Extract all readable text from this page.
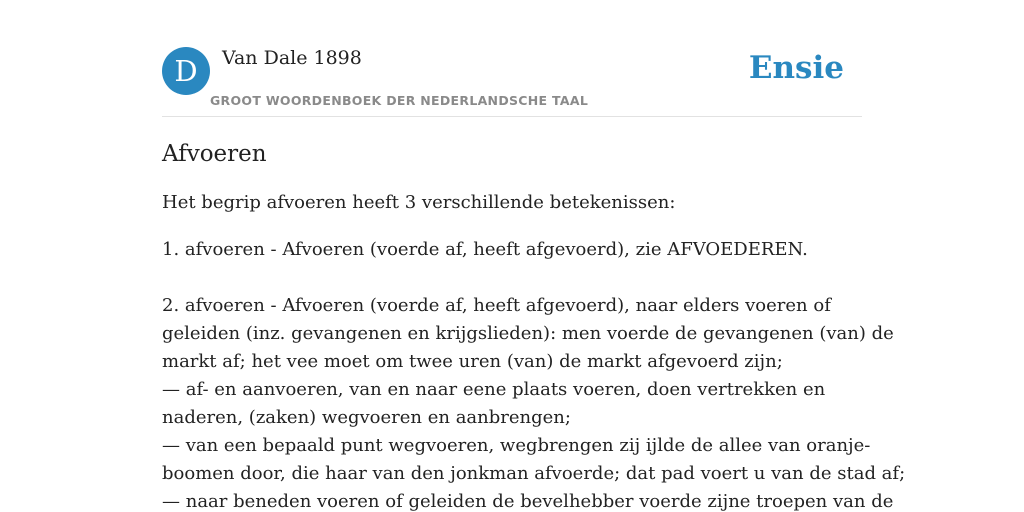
D	Van Dale 1898
GROOT WOORDENBOEK DER NEDERLANDSCHE TAAL
Ensie
Afvoeren

Het begrip afvoeren heeft 3 verschillende betekenissen:

1. afvoeren - Afvoeren (voerde af, heeft afgevoerd), zie AFVOEDEREN.

2. afvoeren - Afvoeren (voerde af, heeft afgevoerd), naar elders voeren of
geleiden (inz. gevangenen en krijgslieden): men voerde de gevangenen (van) de
markt af; het vee moet om twee uren (van) de markt afgevoerd zijn;
— af- en aanvoeren, van en naar eene plaats voeren, doen vertrekken en
naderen, (zaken) wegvoeren en aanbrengen;
— van een bepaald punt wegvoeren, wegbrengen zij ijlde de allee van oranje-
boomen door, die haar van den jonkman afvoerde; dat pad voert u van de stad af;
— naar beneden voeren of geleiden de bevelhebber voerde zijne troepen van de
